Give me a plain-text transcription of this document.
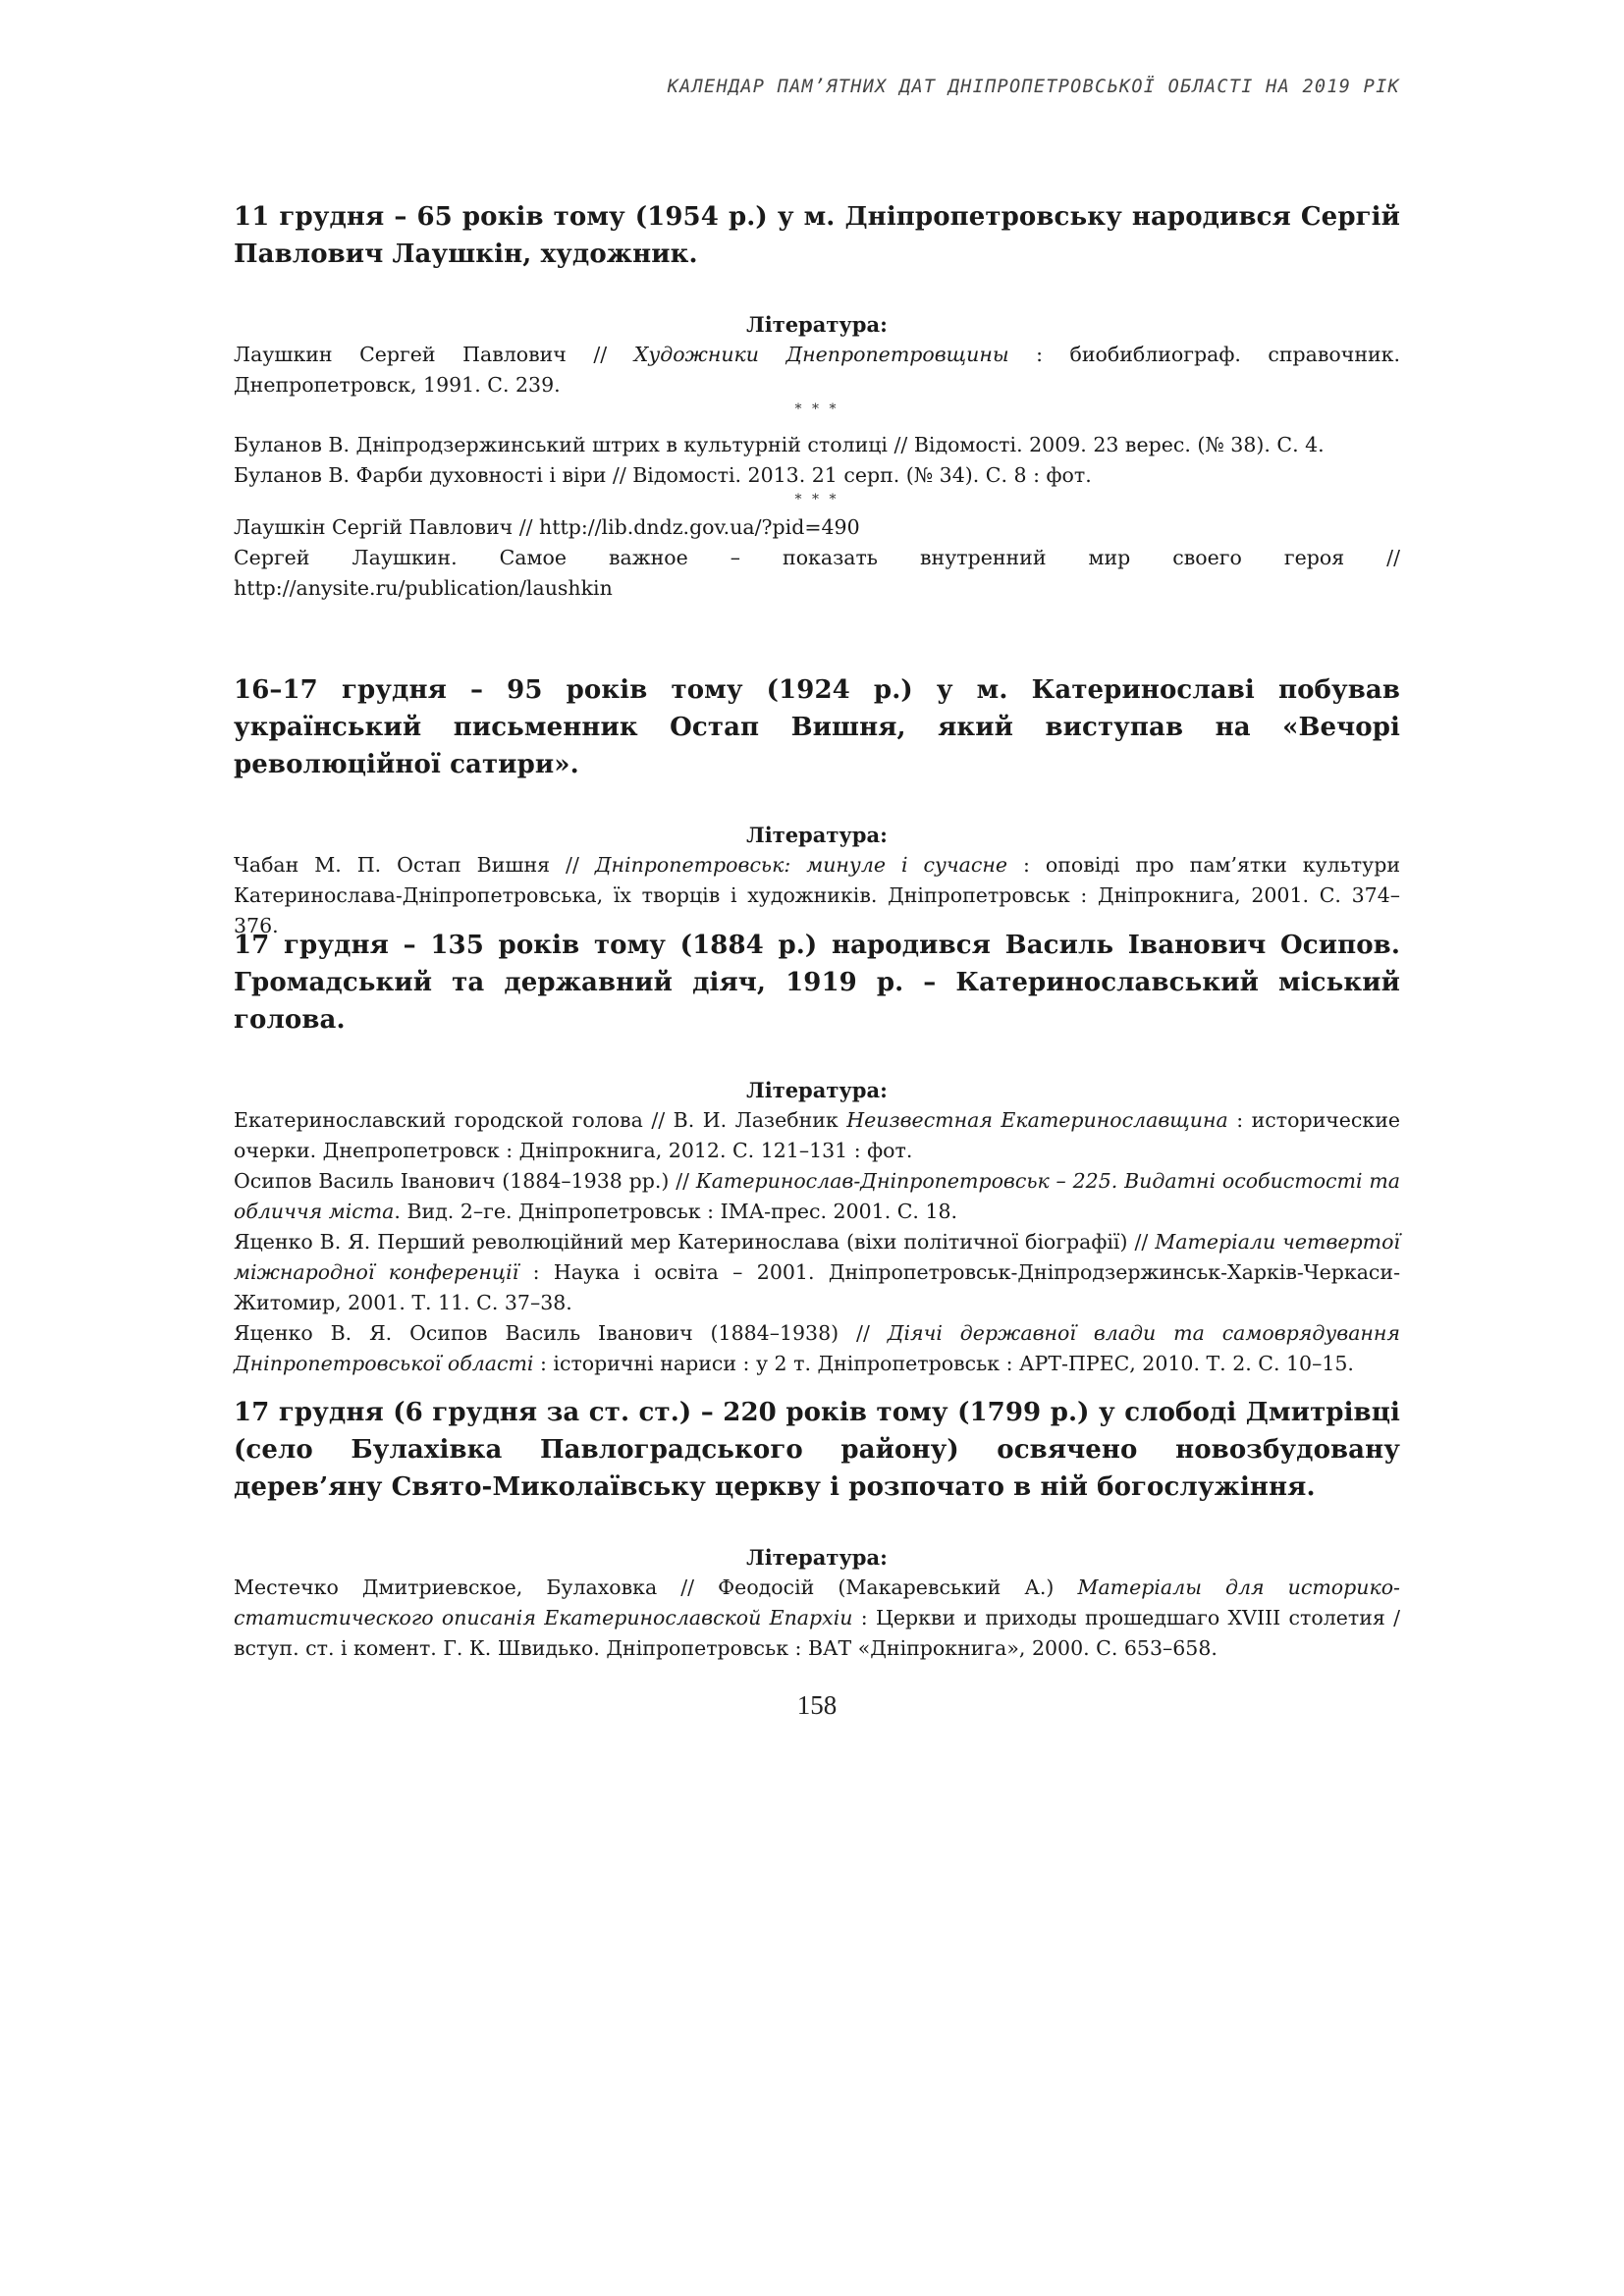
КАЛЕНДАР ПАМ’ЯТНИХ ДАТ ДНІПРОПЕТРОВСЬКОЇ ОБЛАСТІ НА 2019 РІК

11 грудня – 65 років тому (1954 р.) у м. Дніпропетровську народився Сергій Павлович Лаушкін, художник.

Література:

Лаушкин Сергей Павлович // Художники Днепропетровщины : биобиблиограф. справочник. Днепропетровск, 1991. С. 239.

* * *

Буланов В. Дніпродзержинський штрих в культурній столиці // Відомості. 2009. 23 верес. (№ 38). С. 4.

Буланов В. Фарби духовності і віри // Відомості. 2013. 21 серп. (№ 34). С. 8 : фот.

* * *

Лаушкін Сергій Павлович // http://lib.dndz.gov.ua/?pid=490

Сергей Лаушкин. Самое важное – показать внутренний мир своего героя // http://anysite.ru/publication/laushkin

16–17 грудня – 95 років тому (1924 р.) у м. Катеринославі побував український письменник Остап Вишня, який виступав на «Вечорі революційної сатири».

Література:

Чабан М. П. Остап Вишня // Дніпропетровськ: минуле і сучасне : оповіді про пам’ятки культури Катеринослава-Дніпропетровська, їх творців і художників. Дніпропетровськ : Дніпрокнига, 2001. С. 374–376.

17 грудня – 135 років тому (1884 р.) народився Василь Іванович Осипов. Громадський та державний діяч, 1919 р. – Катеринославський міський голова.

Література:

Екатеринославский городской голова // В. И. Лазебник Неизвестная Екатеринославщина : исторические очерки. Днепропетровск : Дніпрокнига, 2012. С. 121–131 : фот.

Осипов Василь Іванович (1884–1938 рр.) // Катеринослав-Дніпропетровськ – 225. Видатні особистості та обличчя міста. Вид. 2–ге. Дніпропетровськ : ІМА-прес. 2001. С. 18.

Яценко В. Я. Перший революційний мер Катеринослава (віхи політичної біографії) // Матеріали четвертої міжнародної конференції : Наука і освіта – 2001. Дніпропетровськ-Дніпродзержинськ-Харків-Черкаси-Житомир, 2001. Т. 11. С. 37–38.

Яценко В. Я. Осипов Василь Іванович (1884–1938) // Діячі державної влади та самоврядування Дніпропетровської області : історичні нариси : у 2 т. Дніпропетровськ : АРТ-ПРЕС, 2010. Т. 2. С. 10–15.

17 грудня (6 грудня за ст. ст.) – 220 років тому (1799 р.) у слободі Дмитрівці (село Булахівка Павлоградського району) освячено новозбудовану дерев’яну Свято-Миколаївську церкву і розпочато в ній богослужіння.

Література:

Местечко Дмитриевское, Булаховка // Феодосій (Макаревський А.) Матеріалы для историко-статистического описанія Екатеринославской Епархіи : Церкви и приходы прошедшаго XVIII столетия / вступ. ст. і комент. Г. К. Швидько. Дніпропетровськ : ВАТ «Дніпрокнига», 2000. С. 653–658.

158
